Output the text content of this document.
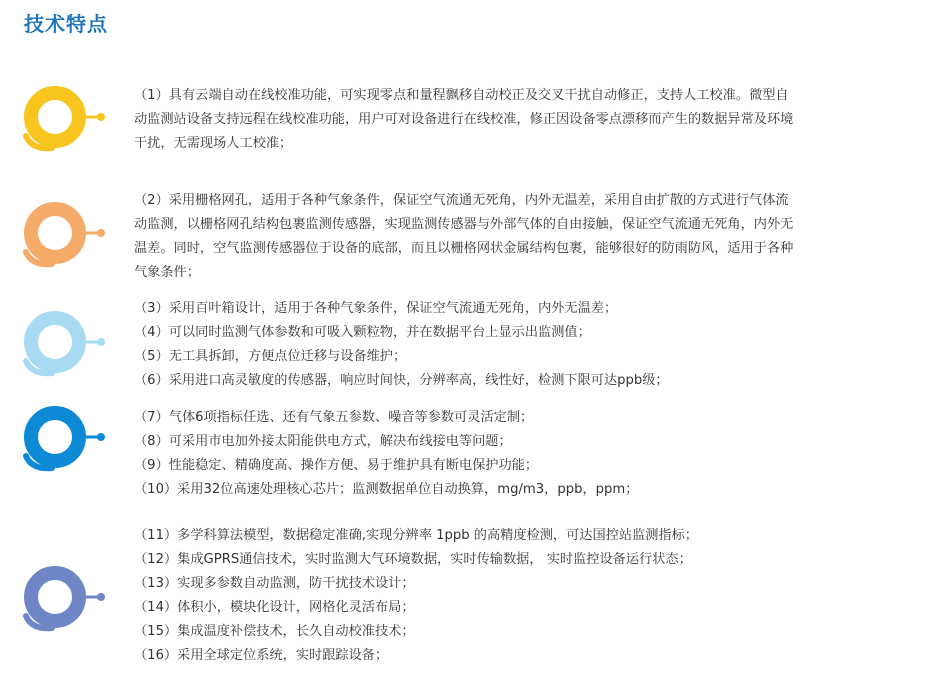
技术特点
（1）具有云端自动在线校准功能，可实现零点和量程飘移自动校正及交叉干扰自动修正，支持人工校准。微型自
动监测站设备支持远程在线校准功能，用户可对设备进行在线校准，修正因设备零点漂移而产生的数据异常及环境
干扰，无需现场人工校准；
（2）采用栅格网孔，适用于各种气象条件，保证空气流通无死角，内外无温差，采用自由扩散的方式进行气体流
动监测，以栅格网孔结构包裹监测传感器，实现监测传感器与外部气体的自由接触，保证空气流通无死角，内外无
温差。同时，空气监测传感器位于设备的底部，而且以栅格网状金属结构包裹，能够很好的防雨防风，适用于各种
气象条件；
（3）采用百叶箱设计，适用于各种气象条件，保证空气流通无死角，内外无温差；
（4）可以同时监测气体参数和可吸入颗粒物，并在数据平台上显示出监测值；
（5）无工具拆卸，方便点位迁移与设备维护；
（6）采用进口高灵敏度的传感器，响应时间快，分辨率高，线性好，检测下限可达ppb级；
（7）气体6项指标任选、还有气象五参数、噪音等参数可灵活定制；
（8）可采用市电加外接太阳能供电方式，解决布线接电等问题；
（9）性能稳定、精确度高、操作方便、易于维护具有断电保护功能；
（10）采用32位高速处理核心芯片；监测数据单位自动换算，mg/m3，ppb，ppm；
（11）多学科算法模型，数据稳定准确,实现分辨率 1ppb 的高精度检测，可达国控站监测指标；
（12）集成GPRS通信技术，实时监测大气环境数据，实时传输数据， 实时监控设备运行状态；
（13）实现多参数自动监测，防干扰技术设计；
（14）体积小，模块化设计，网格化灵活布局；
（15）集成温度补偿技术，长久自动校准技术；
（16）采用全球定位系统，实时跟踪设备；
